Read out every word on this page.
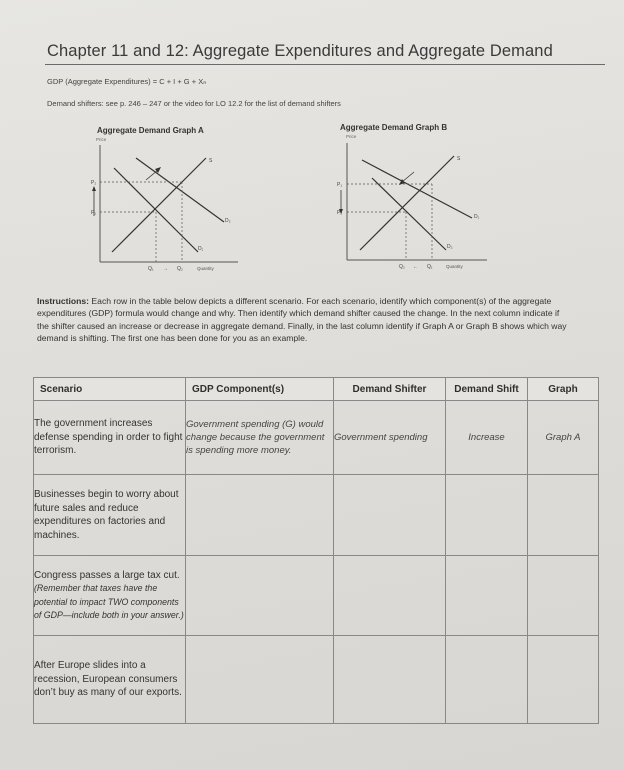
Chapter 11 and 12: Aggregate Expenditures and Aggregate Demand
GDP (Aggregate Expenditures) = C + I + G + Xₙ
Demand shifters: see p. 246 – 247 or the video for LO 12.2 for the list of demand shifters
Aggregate Demand Graph A
Price
S
D₂
D₁
P₂
P₁
Q₁ → Q₂	Quantity
Aggregate Demand Graph B
Price
S
D₁
D₂
P₁
P₂
Q₂ ← Q₁	Quantity
Instructions: Each row in the table below depicts a different scenario. For each scenario, identify which component(s) of the aggregate expenditures (GDP) formula would change and why. Then identify which demand shifter caused the change. In the next column indicate if the shifter caused an increase or decrease in aggregate demand. Finally, in the last column identify if Graph A or Graph B shows which way demand is shifting. The first one has been done for you as an example.
Scenario	GDP Component(s)	Demand Shifter	Demand Shift	Graph
The government increases defense spending in order to fight terrorism.	Government spending (G) would change because the government is spending more money.	Government spending	Increase	Graph A
Businesses begin to worry about future sales and reduce expenditures on factories and machines.				
Congress passes a large tax cut. (Remember that taxes have the potential to impact TWO components of GDP—include both in your answer.)				
After Europe slides into a recession, European consumers don’t buy as many of our exports.				
